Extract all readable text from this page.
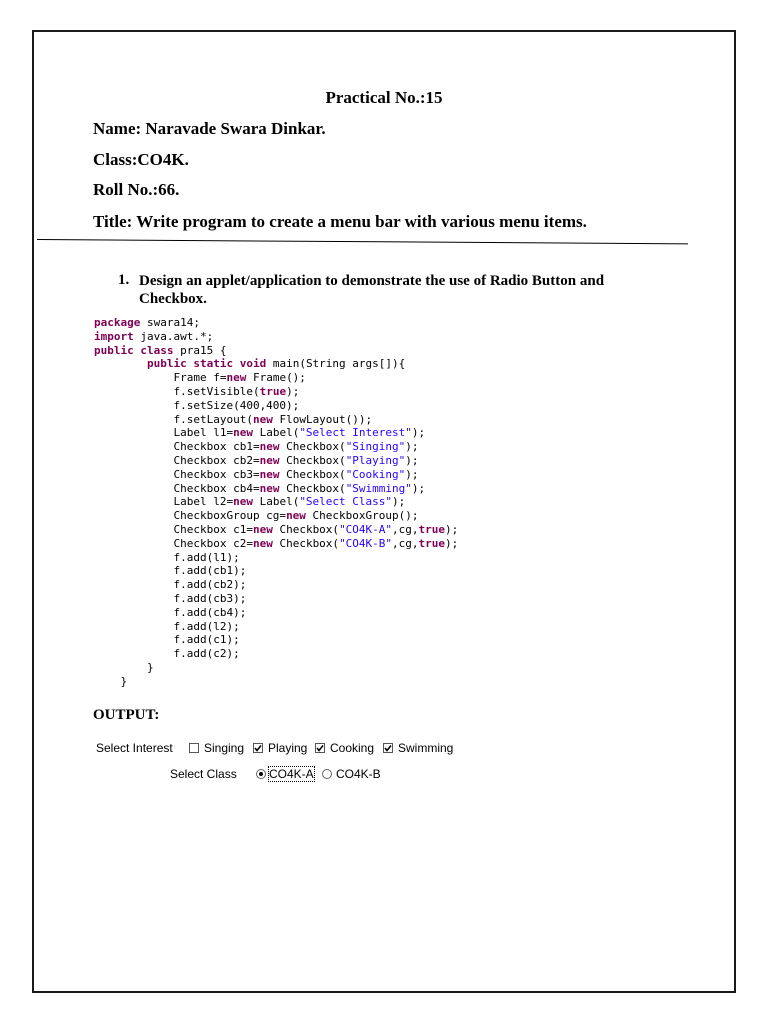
Practical No.:15
Name: Naravade Swara Dinkar.
Class:CO4K.
Roll No.:66.
Title: Write program to create a menu bar with various menu items.
1. Design an applet/application to demonstrate the use of Radio Button and Checkbox.
package swara14;
import java.awt.*;
public class pra15 {
public static void main(String args[]){
Frame f=new Frame();
f.setVisible(true);
f.setSize(400,400);
f.setLayout(new FlowLayout());
Label l1=new Label("Select Interest");
Checkbox cb1=new Checkbox("Singing");
Checkbox cb2=new Checkbox("Playing");
Checkbox cb3=new Checkbox("Cooking");
Checkbox cb4=new Checkbox("Swimming");
Label l2=new Label("Select Class");
CheckboxGroup cg=new CheckboxGroup();
Checkbox c1=new Checkbox("CO4K-A",cg,true);
Checkbox c2=new Checkbox("CO4K-B",cg,true);
f.add(l1);
f.add(cb1);
f.add(cb2);
f.add(cb3);
f.add(cb4);
f.add(l2);
f.add(c1);
f.add(c2);
}
}
OUTPUT:
Select Interest	Singing Playing Cooking Swimming
Select Class	CO4K-A CO4K-B
